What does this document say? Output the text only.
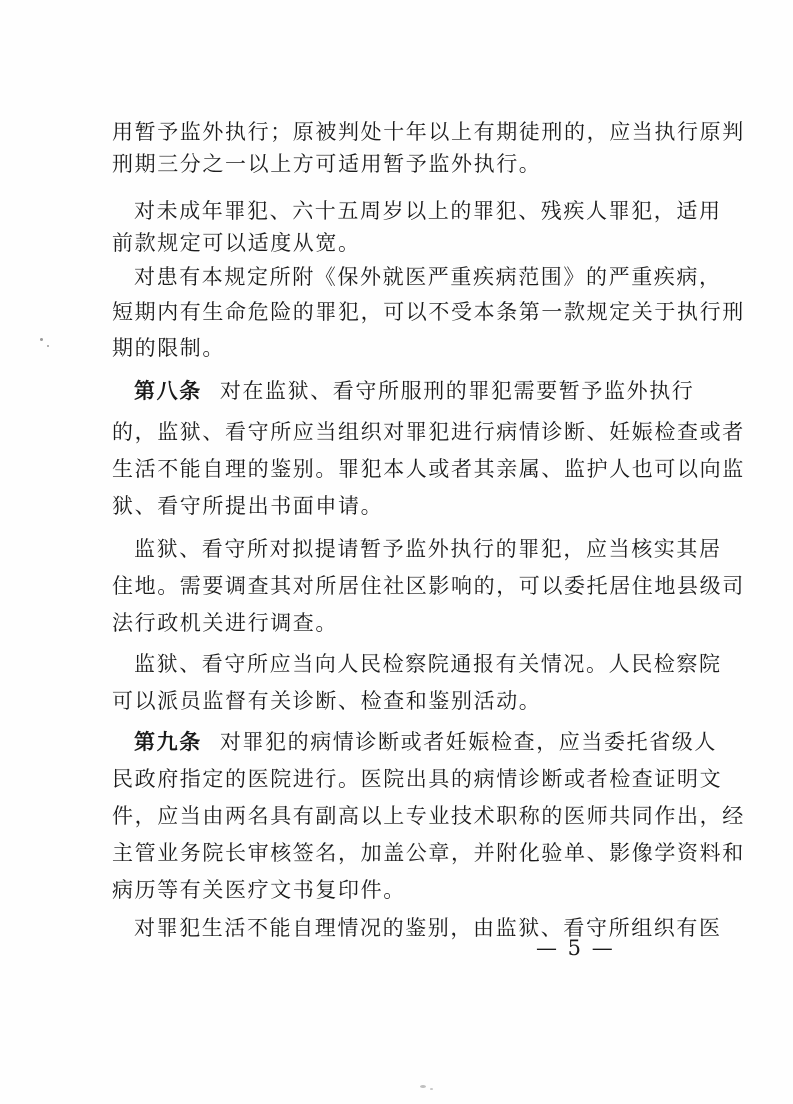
用暂予监外执行；原被判处十年以上有期徒刑的，应当执行原判
刑期三分之一以上方可适用暂予监外执行。
对未成年罪犯、六十五周岁以上的罪犯、残疾人罪犯，适用
前款规定可以适度从宽。
对患有本规定所附《保外就医严重疾病范围》的严重疾病，
短期内有生命危险的罪犯，可以不受本条第一款规定关于执行刑
期的限制。
第八条 对在监狱、看守所服刑的罪犯需要暂予监外执行
的，监狱、看守所应当组织对罪犯进行病情诊断、妊娠检查或者
生活不能自理的鉴别。罪犯本人或者其亲属、监护人也可以向监
狱、看守所提出书面申请。
监狱、看守所对拟提请暂予监外执行的罪犯，应当核实其居
住地。需要调查其对所居住社区影响的，可以委托居住地县级司
法行政机关进行调查。
监狱、看守所应当向人民检察院通报有关情况。人民检察院
可以派员监督有关诊断、检查和鉴别活动。
第九条 对罪犯的病情诊断或者妊娠检查，应当委托省级人
民政府指定的医院进行。医院出具的病情诊断或者检查证明文
件，应当由两名具有副高以上专业技术职称的医师共同作出，经
主管业务院长审核签名，加盖公章，并附化验单、影像学资料和
病历等有关医疗文书复印件。
对罪犯生活不能自理情况的鉴别，由监狱、看守所组织有医
— 5 —
